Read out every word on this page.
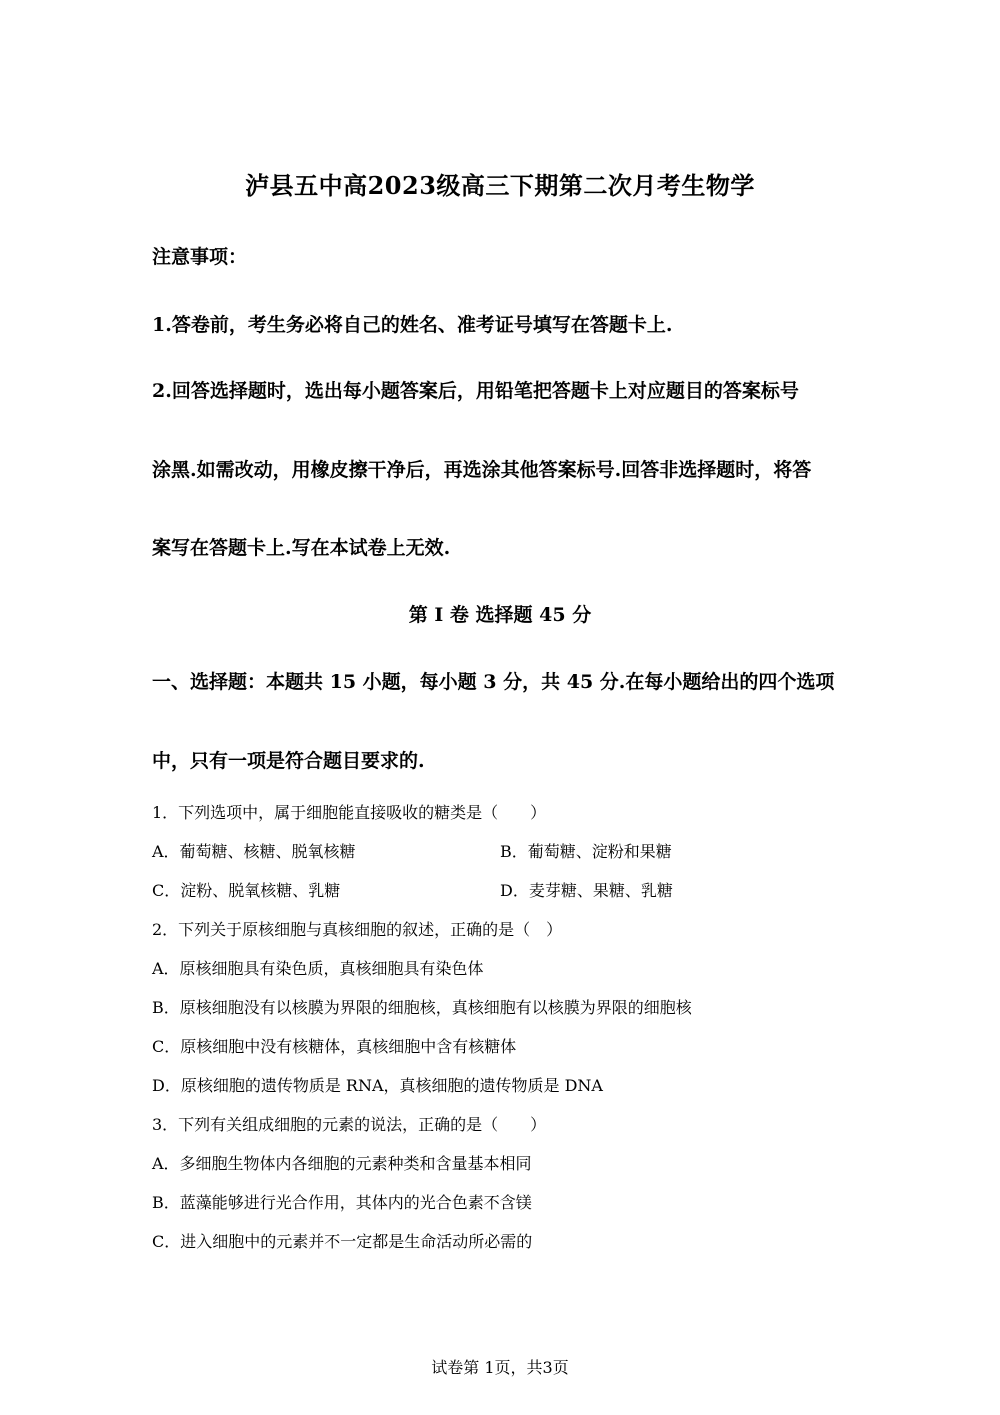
泸县五中高2023级高三下期第二次月考生物学
注意事项：
1.答卷前，考生务必将自己的姓名、准考证号填写在答题卡上.
2.回答选择题时，选出每小题答案后，用铅笔把答题卡上对应题目的答案标号
涂黑.如需改动，用橡皮擦干净后，再选涂其他答案标号.回答非选择题时，将答
案写在答题卡上.写在本试卷上无效.
第 I 卷 选择题 45 分
一、选择题：本题共 15 小题，每小题 3 分，共 45 分.在每小题给出的四个选项
中，只有一项是符合题目要求的.
1．下列选项中，属于细胞能直接吸收的糖类是（　　）
A．葡萄糖、核糖、脱氧核糖	B．葡萄糖、淀粉和果糖
C．淀粉、脱氧核糖、乳糖	D．麦芽糖、果糖、乳糖
2．下列关于原核细胞与真核细胞的叙述，正确的是（　）
A．原核细胞具有染色质，真核细胞具有染色体
B．原核细胞没有以核膜为界限的细胞核，真核细胞有以核膜为界限的细胞核
C．原核细胞中没有核糖体，真核细胞中含有核糖体
D．原核细胞的遗传物质是 RNA，真核细胞的遗传物质是 DNA
3．下列有关组成细胞的元素的说法，正确的是（　　）
A．多细胞生物体内各细胞的元素种类和含量基本相同
B．蓝藻能够进行光合作用，其体内的光合色素不含镁
C．进入细胞中的元素并不一定都是生命活动所必需的
试卷第 1页，共3页
